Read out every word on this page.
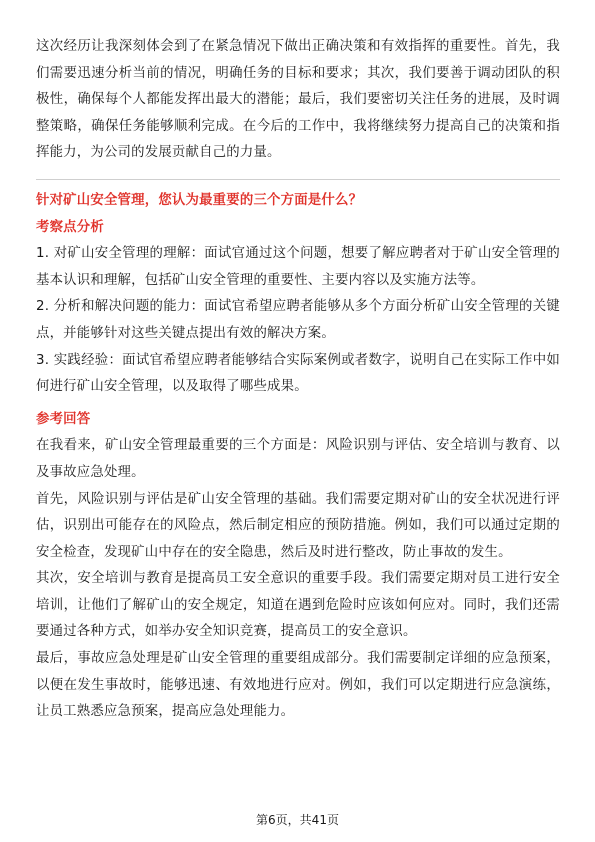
这次经历让我深刻体会到了在紧急情况下做出正确决策和有效指挥的重要性。首先，我们需要迅速分析当前的情况，明确任务的目标和要求；其次，我们要善于调动团队的积极性，确保每个人都能发挥出最大的潜能；最后，我们要密切关注任务的进展，及时调整策略，确保任务能够顺利完成。在今后的工作中，我将继续努力提高自己的决策和指挥能力，为公司的发展贡献自己的力量。

针对矿山安全管理，您认为最重要的三个方面是什么？

考察点分析

1. 对矿山安全管理的理解：面试官通过这个问题，想要了解应聘者对于矿山安全管理的基本认识和理解，包括矿山安全管理的重要性、主要内容以及实施方法等。

2. 分析和解决问题的能力：面试官希望应聘者能够从多个方面分析矿山安全管理的关键点，并能够针对这些关键点提出有效的解决方案。

3. 实践经验：面试官希望应聘者能够结合实际案例或者数字，说明自己在实际工作中如何进行矿山安全管理，以及取得了哪些成果。

参考回答

在我看来，矿山安全管理最重要的三个方面是：风险识别与评估、安全培训与教育、以及事故应急处理。

首先，风险识别与评估是矿山安全管理的基础。我们需要定期对矿山的安全状况进行评估，识别出可能存在的风险点，然后制定相应的预防措施。例如，我们可以通过定期的安全检查，发现矿山中存在的安全隐患，然后及时进行整改，防止事故的发生。

其次，安全培训与教育是提高员工安全意识的重要手段。我们需要定期对员工进行安全培训，让他们了解矿山的安全规定，知道在遇到危险时应该如何应对。同时，我们还需要通过各种方式，如举办安全知识竞赛，提高员工的安全意识。

最后，事故应急处理是矿山安全管理的重要组成部分。我们需要制定详细的应急预案，以便在发生事故时，能够迅速、有效地进行应对。例如，我们可以定期进行应急演练，让员工熟悉应急预案，提高应急处理能力。

第6页，共41页
